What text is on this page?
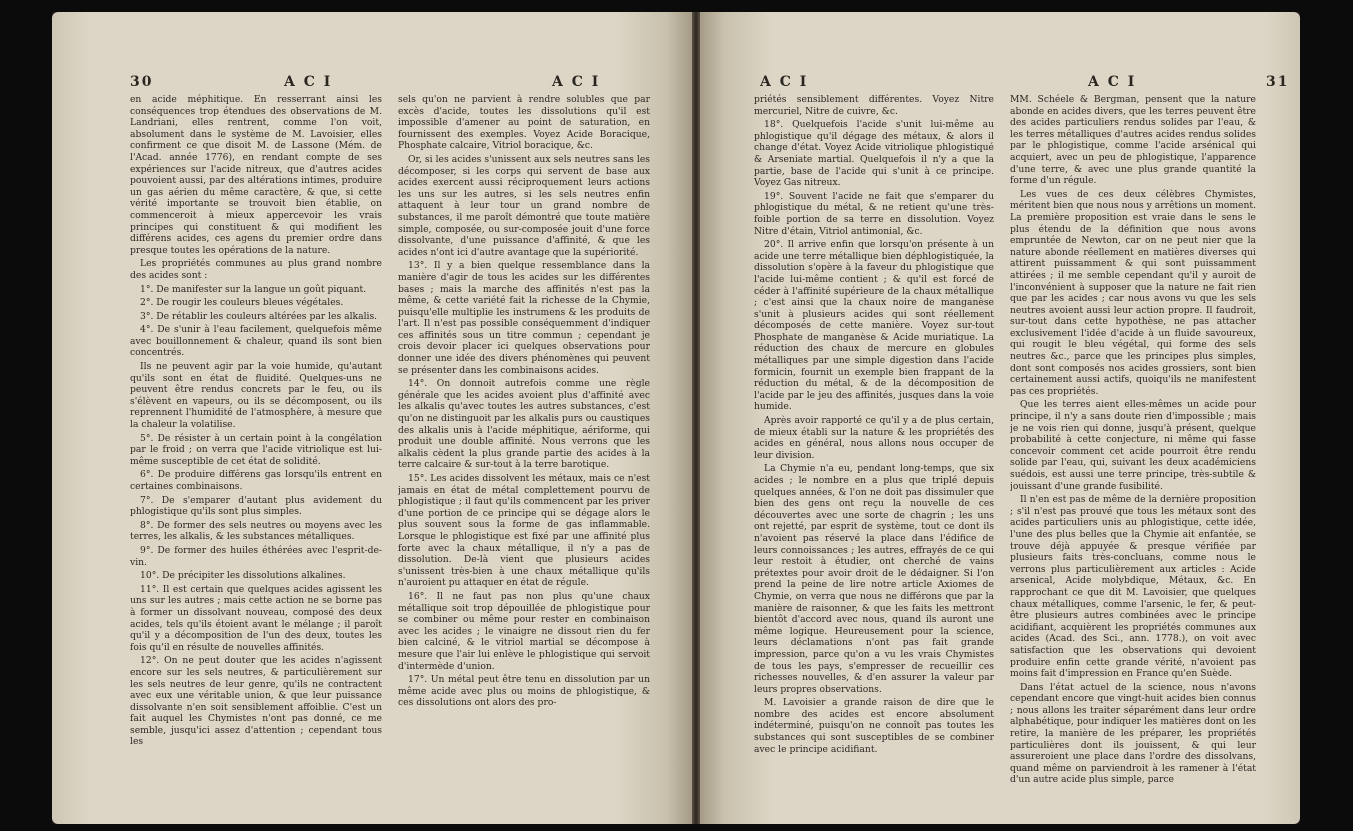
30	A C I	A C I

en acide méphitique. En resserrant ainsi les conséquences trop étendues des observations de M. Landriani, elles rentrent, comme l'on voit, absolument dans le système de M. Lavoisier, elles confirment ce que disoit M. de Lassone (Mém. de l'Acad. année 1776), en rendant compte de ses expériences sur l'acide nitreux, que d'autres acides pouvoient aussi, par des altérations intimes, produire un gas aérien du même caractère, & que, si cette vérité importante se trouvoit bien établie, on commenceroit à mieux appercevoir les vrais principes qui constituent & qui modifient les différens acides, ces agens du premier ordre dans presque toutes les opérations de la nature.

Les propriétés communes au plus grand nombre des acides sont :

1°. De manifester sur la langue un goût piquant.

2°. De rougir les couleurs bleues végétales.

3°. De rétablir les couleurs altérées par les alkalis.

4°. De s'unir à l'eau facilement, quelquefois même avec bouillonnement & chaleur, quand ils sont bien concentrés.

Ils ne peuvent agir par la voie humide, qu'autant qu'ils sont en état de fluidité. Quelques-uns ne peuvent être rendus concrets par le feu, ou ils s'élèvent en vapeurs, ou ils se décomposent, ou ils reprennent l'humidité de l'atmosphère, à mesure que la chaleur la volatilise.

5°. De résister à un certain point à la congélation par le froid ; on verra que l'acide vitriolique est lui-même susceptible de cet état de solidité.

6°. De produire différens gas lorsqu'ils entrent en certaines combinaisons.

7°. De s'emparer d'autant plus avidement du phlogistique qu'ils sont plus simples.

8°. De former des sels neutres ou moyens avec les terres, les alkalis, & les substances métalliques.

9°. De former des huiles éthérées avec l'esprit-de-vin.

10°. De précipiter les dissolutions alkalines.

11°. Il est certain que quelques acides agissent les uns sur les autres ; mais cette action ne se borne pas à former un dissolvant nouveau, composé des deux acides, tels qu'ils étoient avant le mélange ; il paroît qu'il y a décomposition de l'un des deux, toutes les fois qu'il en résulte de nouvelles affinités.

12°. On ne peut douter que les acides n'agissent encore sur les sels neutres, & particulièrement sur les sels neutres de leur genre, qu'ils ne contractent avec eux une véritable union, & que leur puissance dissolvante n'en soit sensiblement affoiblie. C'est un fait auquel les Chymistes n'ont pas donné, ce me semble, jusqu'ici assez d'attention ; cependant tous les

sels qu'on ne parvient à rendre solubles que par excès d'acide, toutes les dissolutions qu'il est impossible d'amener au point de saturation, en fournissent des exemples. Voyez Acide Boracique, Phosphate calcaire, Vitriol boracique, &c.

Or, si les acides s'unissent aux sels neutres sans les décomposer, si les corps qui servent de base aux acides exercent aussi réciproquement leurs actions les uns sur les autres, si les sels neutres enfin attaquent à leur tour un grand nombre de substances, il me paroît démontré que toute matière simple, composée, ou sur-composée jouit d'une force dissolvante, d'une puissance d'affinité, & que les acides n'ont ici d'autre avantage que la supériorité.

13°. Il y a bien quelque ressemblance dans la manière d'agir de tous les acides sur les différentes bases ; mais la marche des affinités n'est pas la même, & cette variété fait la richesse de la Chymie, puisqu'elle multiplie les instrumens & les produits de l'art. Il n'est pas possible conséquemment d'indiquer ces affinités sous un titre commun ; cependant je crois devoir placer ici quelques observations pour donner une idée des divers phénomènes qui peuvent se présenter dans les combinaisons acides.

14°. On donnoit autrefois comme une règle générale que les acides avoient plus d'affinité avec les alkalis qu'avec toutes les autres substances, c'est qu'on ne distinguoit par les alkalis purs ou caustiques des alkalis unis à l'acide méphitique, aériforme, qui produit une double affinité. Nous verrons que les alkalis cèdent la plus grande partie des acides à la terre calcaire & sur-tout à la terre barotique.

15°. Les acides dissolvent les métaux, mais ce n'est jamais en état de métal complettement pourvu de phlogistique ; il faut qu'ils commencent par les priver d'une portion de ce principe qui se dégage alors le plus souvent sous la forme de gas inflammable. Lorsque le phlogistique est fixé par une affinité plus forte avec la chaux métallique, il n'y a pas de dissolution. De-là vient que plusieurs acides s'unissent très-bien à une chaux métallique qu'ils n'auroient pu attaquer en état de régule.

16°. Il ne faut pas non plus qu'une chaux métallique soit trop dépouillée de phlogistique pour se combiner ou même pour rester en combinaison avec les acides ; le vinaigre ne dissout rien du fer bien calciné, & le vitriol martial se décompose à mesure que l'air lui enlève le phlogistique qui servoit d'intermède d'union.

17°. Un métal peut être tenu en dissolution par un même acide avec plus ou moins de phlogistique, & ces dissolutions ont alors des pro-

A C I	A C I	31

priétés sensiblement différentes. Voyez Nitre mercuriel, Nitre de cuivre, &c.

18°. Quelquefois l'acide s'unit lui-même au phlogistique qu'il dégage des métaux, & alors il change d'état. Voyez Acide vitriolique phlogistiqué & Arseniate martial. Quelquefois il n'y a que la partie, base de l'acide qui s'unit à ce principe. Voyez Gas nitreux.

19°. Souvent l'acide ne fait que s'emparer du phlogistique du métal, & ne retient qu'une très-foible portion de sa terre en dissolution. Voyez Nitre d'étain, Vitriol antimonial, &c.

20°. Il arrive enfin que lorsqu'on présente à un acide une terre métallique bien déphlogistiquée, la dissolution s'opère à la faveur du phlogistique que l'acide lui-même contient ; & qu'il est forcé de céder à l'affinité supérieure de la chaux métallique ; c'est ainsi que la chaux noire de manganèse s'unit à plusieurs acides qui sont réellement décomposés de cette manière. Voyez sur-tout Phosphate de manganèse & Acide muriatique. La réduction des chaux de mercure en globules métalliques par une simple digestion dans l'acide formicin, fournit un exemple bien frappant de la réduction du métal, & de la décomposition de l'acide par le jeu des affinités, jusques dans la voie humide.

Après avoir rapporté ce qu'il y a de plus certain, de mieux établi sur la nature & les propriétés des acides en général, nous allons nous occuper de leur division.

La Chymie n'a eu, pendant long-temps, que six acides ; le nombre en a plus que triplé depuis quelques années, & l'on ne doit pas dissimuler que bien des gens ont reçu la nouvelle de ces découvertes avec une sorte de chagrin ; les uns ont rejetté, par esprit de système, tout ce dont ils n'avoient pas réservé la place dans l'édifice de leurs connoissances ; les autres, effrayés de ce qui leur restoit à étudier, ont cherché de vains prétextes pour avoir droit de le dédaigner. Si l'on prend la peine de lire notre article Axiomes de Chymie, on verra que nous ne différons que par la manière de raisonner, & que les faits les mettront bientôt d'accord avec nous, quand ils auront une même logique. Heureusement pour la science, leurs déclamations n'ont pas fait grande impression, parce qu'on a vu les vrais Chymistes de tous les pays, s'empresser de recueillir ces richesses nouvelles, & d'en assurer la valeur par leurs propres observations.

M. Lavoisier a grande raison de dire que le nombre des acides est encore absolument indéterminé, puisqu'on ne connoît pas toutes les substances qui sont susceptibles de se combiner avec le principe acidifiant.

MM. Schéele & Bergman, pensent que la nature abonde en acides divers, que les terres peuvent être des acides particuliers rendus solides par l'eau, & les terres métalliques d'autres acides rendus solides par le phlogistique, comme l'acide arsénical qui acquiert, avec un peu de phlogistique, l'apparence d'une terre, & avec une plus grande quantité la forme d'un régule.

Les vues de ces deux célèbres Chymistes, méritent bien que nous nous y arrêtions un moment. La première proposition est vraie dans le sens le plus étendu de la définition que nous avons empruntée de Newton, car on ne peut nier que la nature abonde réellement en matières diverses qui attirent puissamment & qui sont puissamment attirées ; il me semble cependant qu'il y auroit de l'inconvénient à supposer que la nature ne fait rien que par les acides ; car nous avons vu que les sels neutres avoient aussi leur action propre. Il faudroit, sur-tout dans cette hypothèse, ne pas attacher exclusivement l'idée d'acide à un fluide savoureux, qui rougit le bleu végétal, qui forme des sels neutres &c., parce que les principes plus simples, dont sont composés nos acides grossiers, sont bien certainement aussi actifs, quoiqu'ils ne manifestent pas ces propriétés.

Que les terres aient elles-mêmes un acide pour principe, il n'y a sans doute rien d'impossible ; mais je ne vois rien qui donne, jusqu'à présent, quelque probabilité à cette conjecture, ni même qui fasse concevoir comment cet acide pourroit être rendu solide par l'eau, qui, suivant les deux académiciens suédois, est aussi une terre principe, très-subtile & jouissant d'une grande fusibilité.

Il n'en est pas de même de la dernière proposition ; s'il n'est pas prouvé que tous les métaux sont des acides particuliers unis au phlogistique, cette idée, l'une des plus belles que la Chymie ait enfantée, se trouve déjà appuyée & presque vérifiée par plusieurs faits très-concluans, comme nous le verrons plus particulièrement aux articles : Acide arsenical, Acide molybdique, Métaux, &c. En rapprochant ce que dit M. Lavoisier, que quelques chaux métalliques, comme l'arsenic, le fer, & peut-être plusieurs autres combinées avec le principe acidifiant, acquièrent les propriétés communes aux acides (Acad. des Sci., ann. 1778.), on voit avec satisfaction que les observations qui devoient produire enfin cette grande vérité, n'avoient pas moins fait d'impression en France qu'en Suède.

Dans l'état actuel de la science, nous n'avons cependant encore que vingt-huit acides bien connus ; nous allons les traiter séparément dans leur ordre alphabétique, pour indiquer les matières dont on les retire, la manière de les préparer, les propriétés particulières dont ils jouissent, & qui leur assureroient une place dans l'ordre des dissolvans, quand même on parviendroit à les ramener à l'état d'un autre acide plus simple, parce
